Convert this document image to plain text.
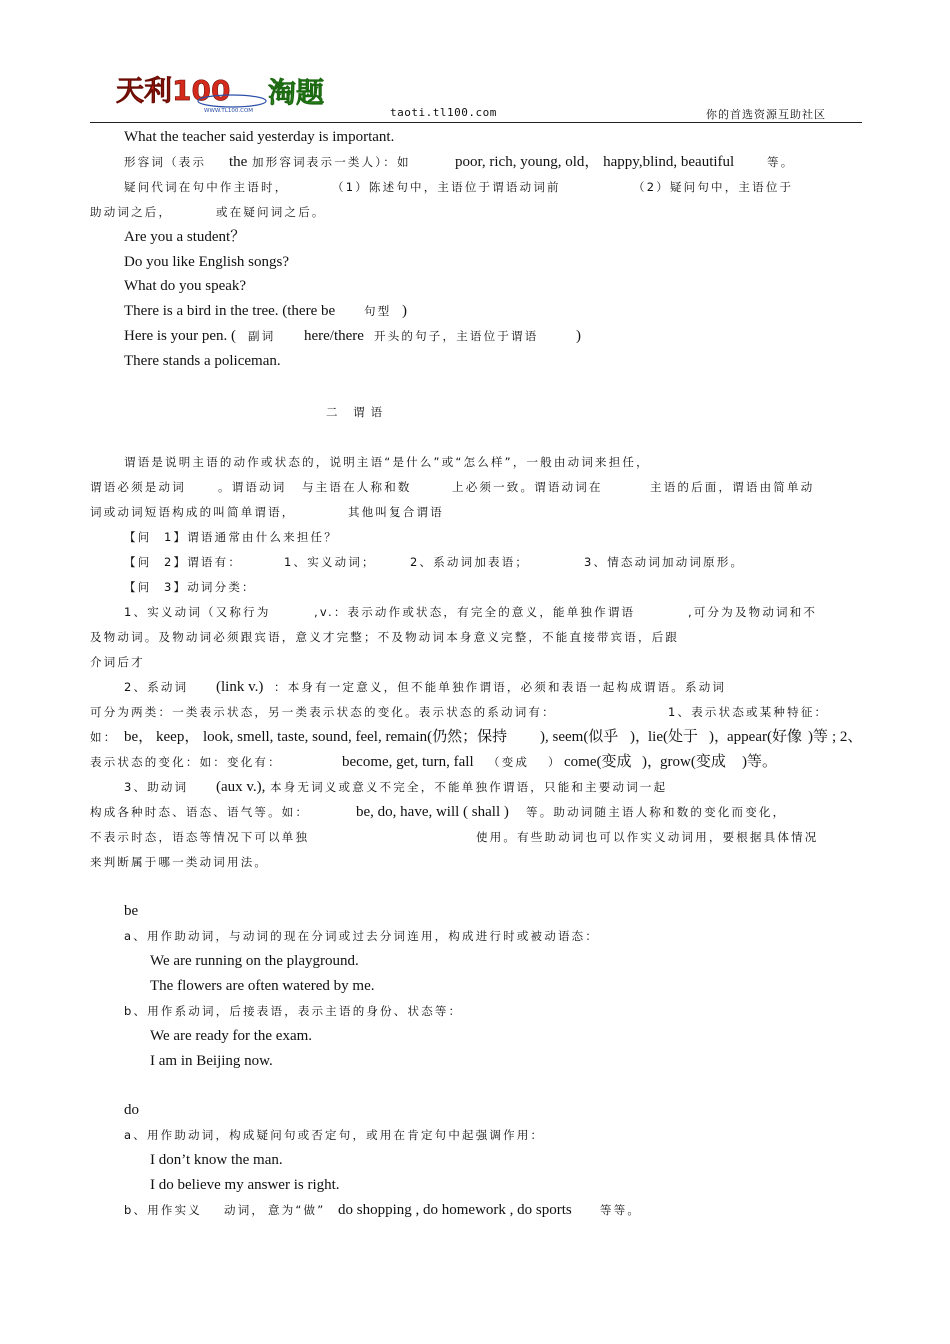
天利100 淘题
WWW.TL100.COM	taoti.tl100.com	你的首选资源互助社区
What the teacher said yesterday is important.
形容词（表示 the 加形容词表示一类人）：如	poor, rich, young, old， happy,blind, beautiful	等。
疑问代词在句中作主语时，	（1）陈述句中，主语位于谓语动词前	（2）疑问句中，主语位于
助动词之后，	或在疑问词之后。
Are you a student？
Do you like English songs?
What do you speak?
There is a bird in the tree. (there be	句型 )
Here is your pen. ( 副词 here/there 开头的句子，主语位于谓语	)
There stands a policeman.
二 谓语
谓语是说明主语的动作或状态的，说明主语“是什么”或“怎么样”，一般由动词来担任，
谓语必须是动词	。谓语动词 与主语在人称和数	上必须一致。谓语动词在	主语的后面，谓语由简单动
词或动词短语构成的叫简单谓语，	其他叫复合谓语
【问 1】谓语通常由什么来担任？
【问 2】谓语有：	1、实义动词；	2、系动词加表语；	3、情态动词加动词原形。
【问 3】动词分类：
1、实义动词（又称行为	,v.：表示动作或状态，有完全的意义，能单独作谓语	,可分为及物动词和不
及物动词。及物动词必须跟宾语，意义才完整；不及物动词本身意义完整，不能直接带宾语，后跟
介词后才
2、系动词 (link v.) ：本身有一定意义，但不能单独作谓语，必须和表语一起构成谓语。系动词
可分为两类：一类表示状态，另一类表示状态的变化。表示状态的系动词有：	1、表示状态或某种特征：
如： be， keep， look, smell, taste, sound, feel, remain(仍然；保持 ), seem(似乎 )，
lie(处于 )，
appear(好像 )等 ; 2、
表示状态的变化：如：变化有：	become, get, turn, fall （变成 ） come(变成 )，
grow(变成 )等。
3、助动词 (aux v.), 本身无词义或意义不完全，不能单独作谓语，只能和主要动词一起
构成各种时态、语态、语气等。如：	be, do, have, will ( shall ) 等。助动词随主语人称和数的变化而变化，
不表示时态，语态等情况下可以单独	使用。有些助动词也可以作实义动词用，要根据具体情况
来判断属于哪一类动词用法。
be
a、用作助动词，与动词的现在分词或过去分词连用，构成进行时或被动语态：
We are running on the playground.
The flowers are often watered by me.
b、用作系动词，后接表语，表示主语的身份、状态等：
We are ready for the exam.
I am in Beijing now.
do
a、用作助动词，构成疑问句或否定句，或用在肯定句中起强调作用：
I don’t know the man.
I do believe my answer is right.
b、用作实义 动词， 意为“做” do shopping , do homework , do sports 等等。
